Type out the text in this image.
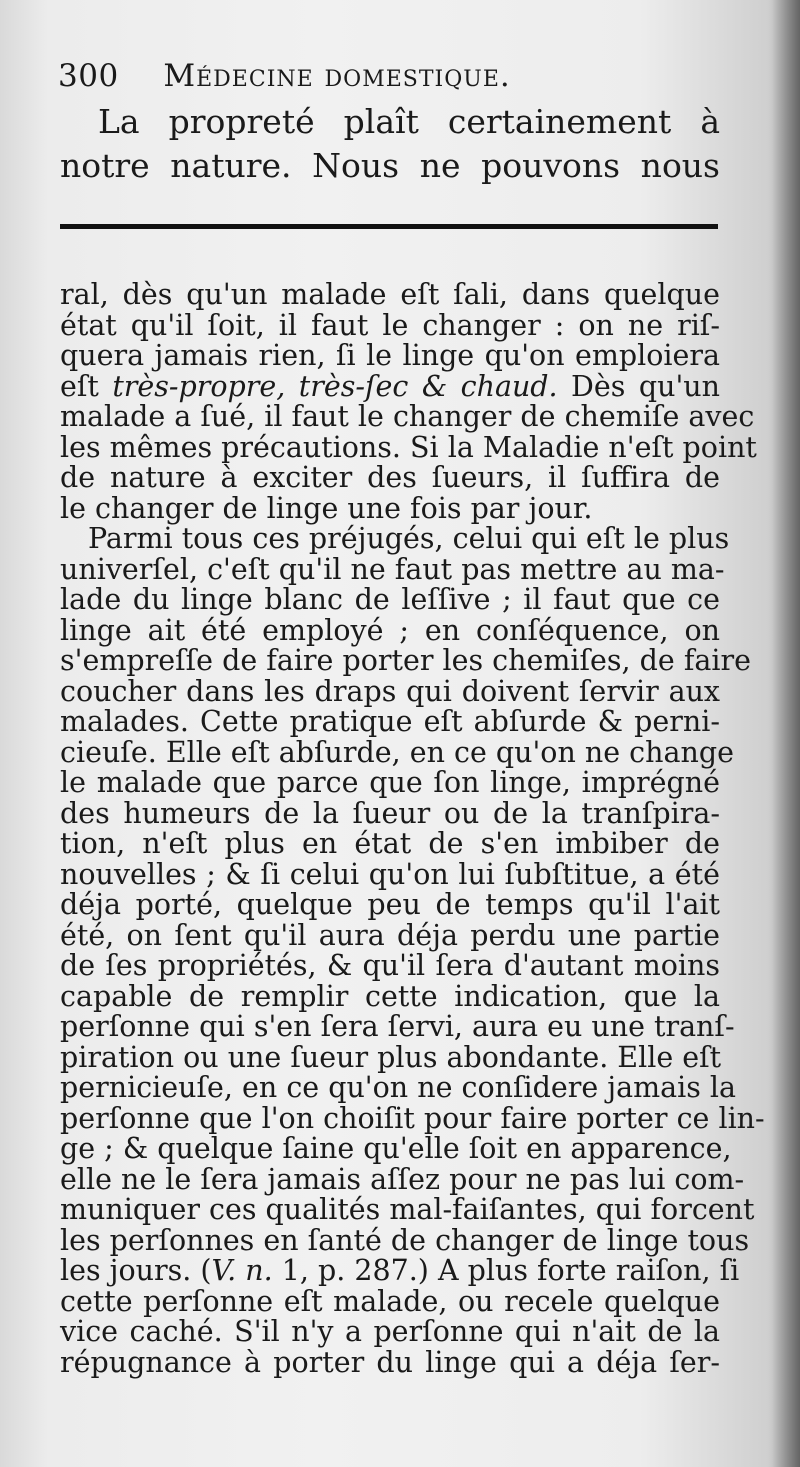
300 Médecine domestique.
La propreté plaît certainement à
notre nature. Nous ne pouvons nous
ral, dès qu'un malade eſt ſali, dans quelque
état qu'il ſoit, il faut le changer : on ne riſ-
quera jamais rien, ſi le linge qu'on emploiera
eſt très-propre, très-ſec & chaud. Dès qu'un
malade a ſué, il faut le changer de chemiſe avec
les mêmes précautions. Si la Maladie n'eſt point
de nature à exciter des ſueurs, il ſuffira de
le changer de linge une fois par jour.
Parmi tous ces préjugés, celui qui eſt le plus
univerſel, c'eſt qu'il ne faut pas mettre au ma-
lade du linge blanc de leſſive ; il faut que ce
linge ait été employé ; en conſéquence, on
s'empreſſe de faire porter les chemiſes, de faire
coucher dans les draps qui doivent ſervir aux
malades. Cette pratique eſt abſurde & perni-
cieuſe. Elle eſt abſurde, en ce qu'on ne change
le malade que parce que ſon linge, imprégné
des humeurs de la ſueur ou de la tranſpira-
tion, n'eſt plus en état de s'en imbiber de
nouvelles ; & ſi celui qu'on lui ſubſtitue, a été
déja porté, quelque peu de temps qu'il l'ait
été, on ſent qu'il aura déja perdu une partie
de ſes propriétés, & qu'il ſera d'autant moins
capable de remplir cette indication, que la
perſonne qui s'en ſera ſervi, aura eu une tranſ-
piration ou une ſueur plus abondante. Elle eſt
pernicieuſe, en ce qu'on ne conſidere jamais la
perſonne que l'on choiſit pour faire porter ce lin-
ge ; & quelque ſaine qu'elle ſoit en apparence,
elle ne le ſera jamais aſſez pour ne pas lui com-
muniquer ces qualités mal-faiſantes, qui forcent
les perſonnes en ſanté de changer de linge tous
les jours. (V. n. 1, p. 287.) A plus forte raiſon, ſi
cette perſonne eſt malade, ou recele quelque
vice caché. S'il n'y a perſonne qui n'ait de la
répugnance à porter du linge qui a déja ſer-
